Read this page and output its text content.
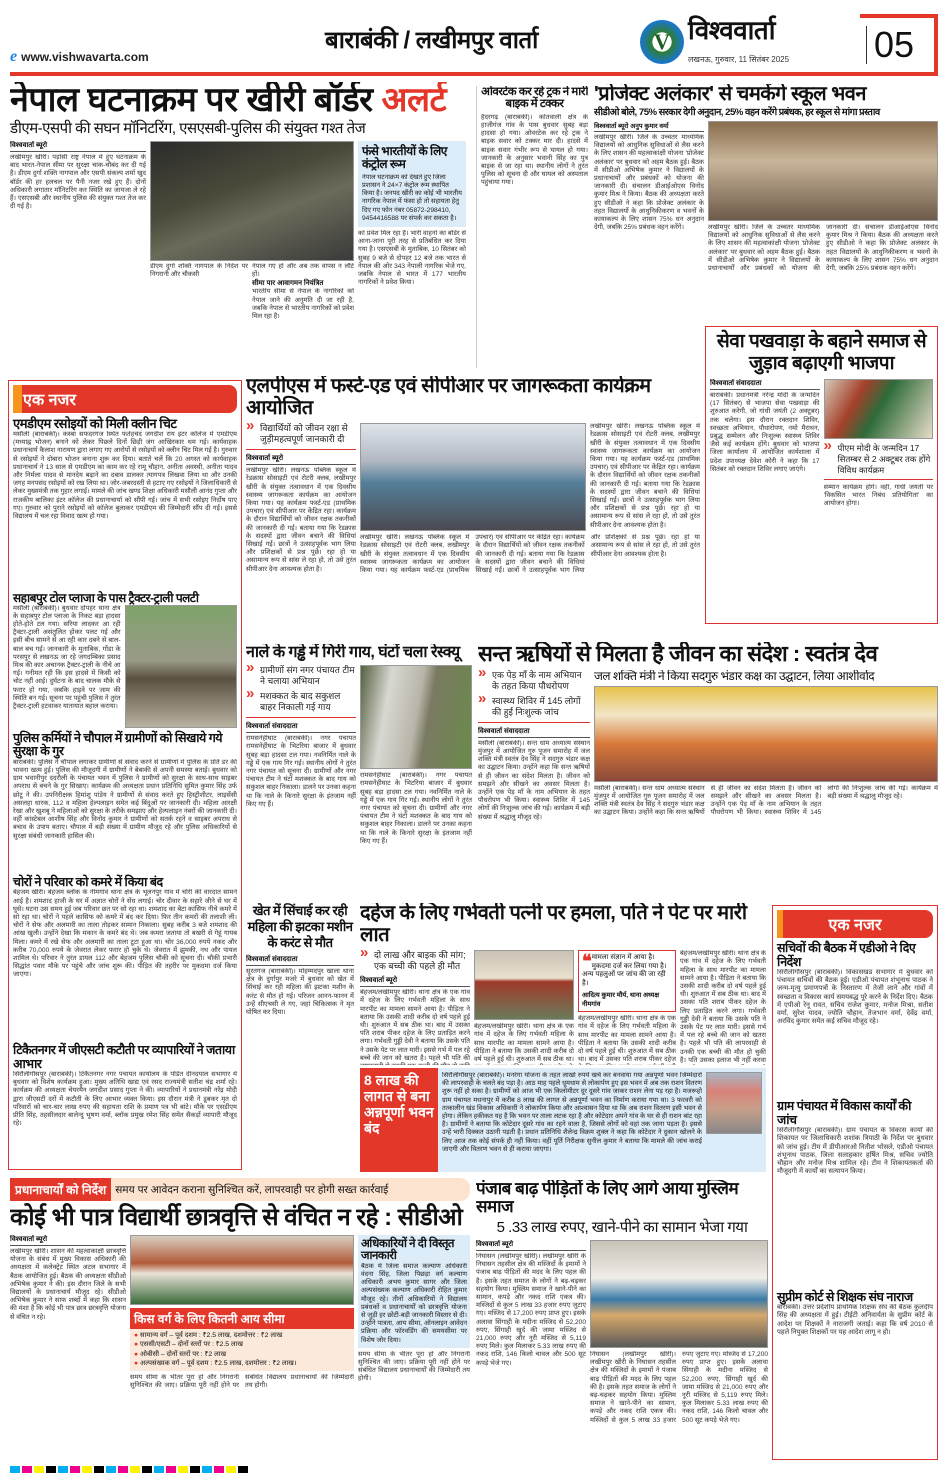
e www.vishwavarta.com
बाराबंकी / लखीमपुर वार्ता	V विश्ववार्ता
लखनऊ, गुरुवार, 11 सितंबर 2025 05
नेपाल घटनाक्रम पर खीरी बॉर्डर अलर्ट
डीएम-एसपी की सघन मॉनिटरिंग, एसएसबी-पुलिस की संयुक्त गश्त तेज
विश्ववार्ता ब्यूरो
लखीमपुर खीरी। पड़ोसी राष्ट्र नेपाल में हुए घटनाक्रम के बाद भारत-नेपाल सीमा पर सुरक्षा चाक-चौबंद कर दी गई है। डीएम दुर्गा शक्ति नागपाल और एसपी संकल्प शर्मा खुद बॉर्डर की हर हलचल पर पैनी नजर रखे हुए हैं। दोनों अधिकारी लगातार मॉनिटरिंग कर स्थिति का जायजा ले रहे हैं। एसएसबी और स्थानीय पुलिस की संयुक्त गश्त तेज कर दी गई है।
डीएम दुर्गा शक्ति नागपाल के निर्देश पर निगरानी और चौकसी
नेपाल गए हो और अब तक वापस न लौटे हों।
सीमा पार आवागमन नियंत्रित
भारतीय सीमा से नेपाल के नागरिकों को नेपाल जाने की अनुमति दी जा रही है, जबकि नेपाल से भारतीय नागरिकों को प्रवेश मिल रहा है।
फंसे भारतीयों के लिए कंट्रोल रूम
नेपाल घटनाक्रम को देखते हुए जिला प्रशासन ने 24×7 कंट्रोल रूम स्थापित किया है। जनपद खीरी का कोई भी भारतीय नागरिक नेपाल में फंसा हो तो सहायता हेतु दिए गए फोन नंबर 05872-298410, 9454416588 पर संपर्क कर सकता है।
को प्रवेश मिल रहा है। भारी वाहनों का बॉर्डर से आना-जाना पूरी तरह से प्रतिबंधित कर दिया गया है। एसएसबी के मुताबिक, 10 सितंबर को सुबह 9 बजे से दोपहर 12 बजे तक भारत से नेपाल की ओर 343 नेपाली नागरिक भेजे गए, जबकि नेपाल से भारत में 177 भारतीय नागरिकों ने प्रवेश किया।
ओवरटेक कर रहे ट्रक ने मारी बाइक में टक्कर
हैदरगढ़ (बाराबंकी)। कोतवाली क्षेत्र के हाजीगंज गांव के पास बुधवार सुबह बड़ा हादसा हो गया। ओवरटेक कर रहे ट्रक ने बाइक सवार को टक्कर मार दी। हादसे में बाइक सवार गंभीर रूप से घायल हो गया। जानकारी के अनुसार भवानी सिंह का पुत्र बाइक से जा रहा था। स्थानीय लोगों ने तुरंत पुलिस को सूचना दी और घायल को अस्पताल पहुंचाया गया।
'प्रोजेक्ट अलंकार' से चमकेंगे स्कूल भवन
सीडीओ बोले, 75% सरकार देगी अनुदान, 25% वहन करेंगे प्रबंधक, हर स्कूल से मांगा प्रस्ताव
विश्ववार्ता ब्यूरो अनुप कुमार वर्मा
लखीमपुर खीरी। जिले के उच्चतर माध्यमिक विद्यालयों को आधुनिक सुविधाओं से लैस करने के लिए शासन की महत्वाकांक्षी योजना 'प्रोजेक्ट अलंकार' पर बुधवार को अहम बैठक हुई। बैठक में सीडीओ अभिषेक कुमार ने विद्यालयों के प्रधानाचार्यों और प्रबंधकों को योजना की जानकारी दी। संचालन डीआईओएस विनोद कुमार मिश्र ने किया। बैठक की अध्यक्षता करते हुए सीडीओ ने कहा कि प्रोजेक्ट अलंकार के तहत विद्यालयों के आधुनिकीकरण व भवनों के कायाकल्प के लिए शासन 75% धन अनुदान देगी, जबकि 25% प्रबंधक वहन करेंगे।	लखीमपुर खीरी। जिले के उच्चतर माध्यमिक विद्यालयों को आधुनिक सुविधाओं से लैस करने के लिए शासन की महत्वाकांक्षी योजना 'प्रोजेक्ट अलंकार' पर बुधवार को अहम बैठक हुई। बैठक में सीडीओ अभिषेक कुमार ने विद्यालयों के प्रधानाचार्यों और प्रबंधकों को योजना की जानकारी दी। संचालन डीआईओएस विनोद कुमार मिश्र ने किया। बैठक की अध्यक्षता करते हुए सीडीओ ने कहा कि प्रोजेक्ट अलंकार के तहत विद्यालयों के आधुनिकीकरण व भवनों के कायाकल्प के लिए शासन 75% धन अनुदान देगी, जबकि 25% प्रबंधक वहन करेंगे।
सेवा पखवाड़ा के बहाने समाज से जुड़ाव बढ़ाएगी भाजपा
विश्ववार्ता संवाददाता
बाराबंकी। प्रधानमंत्री नरेन्द्र मोदी के जन्मदिन (17 सितंबर) से भाजपा सेवा पखवाड़ा की शुरुआत करेगी, जो गांधी जयंती (2 अक्टूबर) तक चलेगा। इस दौरान रक्तदान शिविर, स्वच्छता अभियान, पौधारोपण, नमो मैराथन, प्रबुद्ध सम्मेलन और निःशुल्क स्वास्थ्य शिविर जैसे कई कार्यक्रम होंगे। बुधवार को भाजपा जिला कार्यालय में आयोजित कार्यशाला में प्रदेश उपाध्यक्ष देवेश कोरी ने कहा कि 17 सितंबर को रक्तदान शिविर लगाए जाएंगे।
» पीएम मोदी के जन्मदिन 17 सितम्बर से 2 अक्टूबर तक होंगे विविध कार्यक्रम
सम्मान कार्यक्रम होंगे। वहीं, गांधी जयंती पर 'विकसित भारत निबंध प्रतियोगिता' का आयोजन होगा।
एक नजर
एमडीएम रसोइयों को मिली क्लीन चिट
मसौली (बाराबंकी)। कस्बा सफदरगंज स्थित फतेहचंद जगदीश राय इंटर कॉलेज में एमडीएम (मध्याह्न भोजन) बनाने को लेकर पिछले दिनों छिड़ी जंग आखिरकार थम गई। कार्यवाहक प्रधानाचार्य कैलाश नारायण द्वारा लगाए गए आरोपों से रसोइयों को क्लीन चिट मिल गई है। गुरुवार से रसोइयों ने दोबारा भोजन बनाना शुरू कर दिया। बताते चलें कि 20 अगस्त को कार्यवाहक प्रधानाचार्य ने 13 साल से एमडीएम का काम कर रहे रामू चौहान, अनीता अवस्थी, अनीता यादव और निर्मला यादव से मानदेय बढ़ाने का दबाव डालकर त्यागपत्र लिखवा लिया था और उनकी जगह मनपसंद रसोइयों को रख लिया था। जोर-जबरदस्ती से हटाए गए रसोइयों ने जिलाधिकारी से लेकर मुख्यमंत्री तक गुहार लगाई। मामले की जांच खण्ड शिक्षा अधिकारी मसौली आनंद गुप्ता और राजकीय बालिका इंटर कॉलेज की प्रधानाचार्या को सौंपी गई। जांच में सभी रसोइए निर्दोष पाए गए। गुरुवार को पुराने रसोइयों को कॉलेज बुलाकर एमडीएम की जिम्मेदारी सौंप दी गई। इससे विद्यालय में चल रहा विवाद खत्म हो गया।
सहाबपुर टोल प्लाजा के पास ट्रैक्टर-ट्राली पलटी
मसौली (बाराबंकी)। बुधवार दोपहर थाना क्षेत्र के सहाबपुर टोल प्लाजा के निकट बड़ा हादसा होते-होते टल गया। सरिया लादकर आ रही ट्रैक्टर-ट्राली असंतुलित होकर पलट गई और इसी बीच सामने से आ रही कार दबने से बाल-बाल बच गई। जानकारी के मुताबिक, गोंडा के परसपुर से लखनऊ जा रहे जगदम्बिका प्रसाद मिश्र की कार अचानक ट्रैक्टर-ट्राली के नीचे आ गई। गनीमत रही कि इस हादसे में किसी को चोट नहीं आई। दुर्घटना के बाद चालक मौके से फरार हो गया, जबकि हाइवे पर जाम की स्थिति बन गई। सूचना पर पहुंची पुलिस ने तुरंत ट्रैक्टर-ट्राली हटवाकर यातायात बहाल कराया।
पुलिस कर्मियों ने चौपाल में ग्रामीणों को सिखाये गये सुरक्षा के गुर
बाराबंकी। पुलिस ने चौपाल लगाकर ग्रामीणों से संवाद करने से ग्रामीणों में पुलिस के प्रति डर की भावना खत्म हुई। पुलिस की मौजूदगी में ग्रामीणों ने बेबाकी से अपनी समस्या बताई। बुधवार को ग्राम भवानीपुर ददरौली के पंचायत भवन में पुलिस ने ग्रामीणों को सुरक्षा के साथ-साथ साइबर अपराध से बचने के गुर सिखाए। कार्यक्रम की अध्यक्षता प्रधान प्रतिनिधि सुमित कुमार सिंह उर्फ छोटू ने की। उपनिरीक्षक हिमांशु पांडेय ने ग्रामीणों से संवाद करते हुए हिस्ट्रीशीटर, लाइसेंसी असलहा धारक, 112 व महिला हेल्पलाइन समेत कई बिंदुओं पर जानकारी दी। महिला आरक्षी रेखा और खुशबू ने महिलाओं को सुरक्षा के तरीके समझाए और हेल्पलाइन नंबरों की जानकारी दी। वहीं कांस्टेबल आशीष सिंह और विनोद कुमार ने ग्रामीणों को सतर्क रहने व साइबर अपराध से बचाव के उपाय बताए। चौपाल में बड़ी संख्या में ग्रामीण मौजूद रहे और पुलिस अधिकारियों से सुरक्षा संबंधी जानकारी हासिल की।
चोरों ने परिवार को कमरे में किया बंद
बेहजम खीरी। बेहजम ब्लॉक के नीमगांव थाना क्षेत्र के भूलनपुर गांव में चोरी की वारदात सामने आई है। शमशाद हाजी के घर में अज्ञात चोरों ने सेंध लगाई। चोर दीवार के सहारे जीने से घर में घुसे। घटना उस समय हुई जब परिवार छत पर सो रहा था। शमशाद का बेटा कासिफ नीचे कमरे में सो रहा था। चोरों ने पहले कासिफ को कमरे में बंद कर दिया। फिर तीन कमरों की तलाशी ली। चोरों ने सेफ और अलमारी का ताला तोड़कर सामान निकाला। सुबह करीब 3 बजे शमशाद की आंख खुली। उन्होंने देखा कि मकान के कमरे बंद थे। जब कमरा जताया तो बखरी से गेहूं गायब मिला। कमरे में रखे सेफ और अलमारी का ताला टूटा हुआ था। चोर 36,000 रुपये नकद और करीब 70,000 रुपये के जेवरात लेकर फरार हो चुके थे। जेवरात में झुमकी, नथ और पायल शामिल थे। परिवार ने तुरंत डायल 112 और बेहजम पुलिस चौकी को सूचना दी। चौकी प्रभारी सिद्धांत पवार मौके पर पहुंचे और जांच शुरू की। पीड़ित की तहरीर पर मुकदमा दर्ज किया जाएगा।
टिकैतनगर में जीएसटी कटौती पर व्यापारियों ने जताया आभार
सिरौलीगौसपुर (बाराबंकी)। टिकैतनगर नगर पंचायत कार्यालय के पंडित दीनदयाल सभागार में बुधवार को विशेष कार्यक्रम हुआ। मुख्य अतिथि खाद्य एवं रसद राज्यमंत्री सतीश चंद्र शर्मा रहे। कार्यक्रम की अध्यक्षता चेयरमैन जगदीश प्रसाद गुप्ता ने की। व्यापारियों ने प्रधानमंत्री नरेंद्र मोदी द्वारा जीएसटी दरों में कटौती के लिए आभार व्यक्त किया। इस दौरान मंत्री ने डूबकर मृत दो परिवारों को चार-चार लाख रुपए की सहायता राशि के प्रमाण पत्र भी बांटे। मौके पर एसडीएम प्रीति सिंह, तहसीलदार बालेन्दु भूषण वर्मा, ब्लॉक प्रमुख रमेश सिंह समेत सैकड़ों व्यापारी मौजूद रहे।
एलपीएस में फर्स्ट-एड एवं सीपीआर पर जागरूकता कार्यक्रम आयोजित
» विद्यार्थियों को जीवन रक्षा से जुड़ीमहत्वपूर्ण जानकारी दी
विश्ववार्ता ब्यूरो
लखीमपुर खीरी। लखनऊ पब्लिक स्कूल में रेडक्रास सोसाइटी एवं रोटरी क्लब, लखीमपुर खीरी के संयुक्त तत्वावधान में एक दिवसीय स्वास्थ्य जागरूकता कार्यक्रम का आयोजन किया गया। यह कार्यक्रम फर्स्ट-एड (प्राथमिक उपचार) एवं सीपीआर पर केंद्रित रहा। कार्यक्रम के दौरान विद्यार्थियों को जीवन रक्षक तकनीकों की जानकारी दी गई। बताया गया कि रेडक्रास के सदस्यों द्वारा जीवन बचाने की विधियां सिखाई गईं। छात्रों ने उत्साहपूर्वक भाग लिया और प्रशिक्षकों से प्रश्न पूछे। रहा हो या असामान्य रूप से सांस ले रहा हो, तो उसे तुरंत सीपीआर देना आवश्यक होता है।
लखीमपुर खीरी। लखनऊ पब्लिक स्कूल में रेडक्रास सोसाइटी एवं रोटरी क्लब, लखीमपुर खीरी के संयुक्त तत्वावधान में एक दिवसीय स्वास्थ्य जागरूकता कार्यक्रम का आयोजन किया गया। यह कार्यक्रम फर्स्ट-एड (प्राथमिक उपचार) एवं सीपीआर पर केंद्रित रहा। कार्यक्रम के दौरान विद्यार्थियों को जीवन रक्षक तकनीकों की जानकारी दी गई। बताया गया कि रेडक्रास के सदस्यों द्वारा जीवन बचाने की विधियां सिखाई गईं। छात्रों ने उत्साहपूर्वक भाग लिया और प्रशिक्षकों से प्रश्न पूछे। रहा हो या असामान्य रूप से सांस ले रहा हो, तो उसे तुरंत सीपीआर देना आवश्यक होता है।
लखीमपुर खीरी। लखनऊ पब्लिक स्कूल में रेडक्रास सोसाइटी एवं रोटरी क्लब, लखीमपुर खीरी के संयुक्त तत्वावधान में एक दिवसीय स्वास्थ्य जागरूकता कार्यक्रम का आयोजन किया गया। यह कार्यक्रम फर्स्ट-एड (प्राथमिक उपचार) एवं सीपीआर पर केंद्रित रहा। कार्यक्रम के दौरान विद्यार्थियों को जीवन रक्षक तकनीकों की जानकारी दी गई। बताया गया कि रेडक्रास के सदस्यों द्वारा जीवन बचाने की विधियां सिखाई गईं। छात्रों ने उत्साहपूर्वक भाग लिया और प्रशिक्षकों से प्रश्न पूछे। रहा हो या असामान्य रूप से सांस ले रहा हो, तो उसे तुरंत सीपीआर देना आवश्यक होता है।
नाले के गड्ढे में गिरी गाय, घंटों चला रेस्क्यू
» ग्रामीणों संग नगर पंचायत टीम ने चलाया अभियान
» मशक्कत के बाद सकुशल बाहर निकाली गई गाय
विश्ववार्ता संवाददाता
रामसनेहीघाट (बाराबंकी)। नगर पंचायत रामसनेहीघाट के भिटरिया बाजार में बुधवार सुबह बड़ा हादसा टल गया। नवनिर्मित नाले के गड्ढे में एक गाय गिर गई। स्थानीय लोगों ने तुरंत नगर पंचायत को सूचना दी। ग्रामीणों और नगर पंचायत टीम ने घंटों मशक्कत के बाद गाय को सकुशल बाहर निकाला। डालने पर उनका कहना था कि नाले के किनारे सुरक्षा के इंतजाम नहीं किए गए हैं।
रामसनेहीघाट (बाराबंकी)। नगर पंचायत रामसनेहीघाट के भिटरिया बाजार में बुधवार सुबह बड़ा हादसा टल गया। नवनिर्मित नाले के गड्ढे में एक गाय गिर गई। स्थानीय लोगों ने तुरंत नगर पंचायत को सूचना दी। ग्रामीणों और नगर पंचायत टीम ने घंटों मशक्कत के बाद गाय को सकुशल बाहर निकाला। डालने पर उनका कहना था कि नाले के किनारे सुरक्षा के इंतजाम नहीं किए गए हैं।
सन्त ऋषियों से मिलता है जीवन का संदेश : स्वतंत्र देव
» एक पेड़ माँ के नाम अभियान के तहत किया पौधरोपण
» स्वास्थ्य शिविर में 145 लोगों की हुई निःशुल्क जांच
विश्ववार्ता संवाददाता
मसौली (बाराबंकी)। सन्त धाम अध्यात्म संस्थान मुंजपुर में आयोजित गुरु पूजन समारोह में जल शक्ति मंत्री स्वतंत्र देव सिंह ने सदगुरु भंडार कक्ष का उद्घाटन किया। उन्होंने कहा कि सन्त ऋषियों से ही जीवन का संदेश मिलता है। जीवन को समझने और सीखने का अवसर मिलता है। उन्होंने एक पेड़ माँ के नाम अभियान के तहत पौधरोपण भी किया। स्वास्थ्य शिविर में 145 लोगों की निःशुल्क जांच की गई। कार्यक्रम में बड़ी संख्या में श्रद्धालु मौजूद रहे।
जल शक्ति मंत्री ने किया सदगुरु भंडार कक्ष का उद्घाटन, लिया आशीर्वाद
मसौली (बाराबंकी)। सन्त धाम अध्यात्म संस्थान मुंजपुर में आयोजित गुरु पूजन समारोह में जल शक्ति मंत्री स्वतंत्र देव सिंह ने सदगुरु भंडार कक्ष का उद्घाटन किया। उन्होंने कहा कि सन्त ऋषियों से ही जीवन का संदेश मिलता है। जीवन को समझने और सीखने का अवसर मिलता है। उन्होंने एक पेड़ माँ के नाम अभियान के तहत पौधरोपण भी किया। स्वास्थ्य शिविर में 145 लोगों की निःशुल्क जांच की गई। कार्यक्रम में बड़ी संख्या में श्रद्धालु मौजूद रहे।
खेत में सिंचाई कर रही महिला की झटका मशीन के करंट से मौत
विश्ववार्ता संवाददाता
सूरतगंज (बाराबंकी)। मोहम्मदपुर खाला थाना क्षेत्र के दुर्गापुर मजरे में बुधवार को खेत में सिंचाई कर रही महिला की झटका मशीन के करंट से मौत हो गई। परिजन आनन-फानन में उन्हें सीएचसी ले गए, जहां चिकित्सक ने मृत घोषित कर दिया।
दहेज के लिए गर्भवती पत्नी पर हमला, पति ने पेट पर मारी लात
» दो लाख और बाइक की मांग; एक बच्ची की पहले ही मौत
विश्ववार्ता ब्यूरो
बेहजम/लखीमपुर खीरी। थाना क्षेत्र के एक गांव में दहेज के लिए गर्भवती महिला के साथ मारपीट का मामला सामने आया है। पीड़िता ने बताया कि उसकी शादी करीब दो वर्ष पहले हुई थी। शुरुआत में सब ठीक था। बाद में उसका पति शराब पीकर दहेज के लिए प्रताड़ित करने लगा। गर्भवती गुड्डी देवी ने बताया कि उसके पति ने उसके पेट पर लात मारी। इससे गर्भ में पल रहे बच्चे की जान को खतरा है। पहले भी पति की
बेहजम/लखीमपुर खीरी। थाना क्षेत्र के एक गांव में दहेज के लिए गर्भवती महिला के साथ मारपीट का मामला सामने आया है। पीड़िता ने बताया कि उसकी शादी करीब दो वर्ष पहले हुई थी। शुरुआत में सब ठीक था।
❝ मामला संज्ञान में आया है। मुकदमा दर्ज कर लिया गया है। अन्य पहलुओं पर जांच की जा रही है।
आदित्य कुमार मौर्य, थाना अध्यक्ष नीमगांव
बेहजम/लखीमपुर खीरी। थाना क्षेत्र के एक गांव में दहेज के लिए गर्भवती महिला के साथ मारपीट का मामला सामने आया है। पीड़िता ने बताया कि उसकी शादी करीब दो वर्ष पहले हुई थी। शुरुआत में सब ठीक था। बाद में उसका पति शराब पीकर दहेज
बेहजम/लखीमपुर खीरी। थाना क्षेत्र के एक गांव में दहेज के लिए गर्भवती महिला के साथ मारपीट का मामला सामने आया है। पीड़िता ने बताया कि उसकी शादी करीब दो वर्ष पहले हुई थी। शुरुआत में सब ठीक था। बाद में उसका पति शराब पीकर दहेज के लिए प्रताड़ित करने लगा। गर्भवती गुड्डी देवी ने बताया कि उसके पति ने उसके पेट पर लात मारी। इससे गर्भ में पल रहे बच्चे की जान को खतरा है। पहले भी पति की लापरवाही से उनकी एक बच्ची की मौत हो चुकी है। पति उसका इलाज भी नहीं करवा
8 लाख की लागत से बना अन्नपूर्णा भवन बंद
सिरौलीगौसपुर (बाराबंकी)। मनरेगा योजना के तहत लाखों रुपये खर्च कर बनवाया गया अन्नपूर्णा भवन जिम्मेदारों की लापरवाही के चलते बंद पड़ा है। आठ माह पहले धूमधाम से लोकार्पण हुए इस भवन में अब तक राशन वितरण शुरू नहीं हो सका है। ग्रामीणों को आज भी एक किलोमीटर दूर दूसरे गांव जाकर राशन लेना पड़ रहा है। मजरूहो ग्राम पंचायत मधनापुर में करीब 8 लाख की लागत से अन्नपूर्णा भवन का निर्माण कराया गया था। 3 फरवरी को तत्कालीन खंड विकास अधिकारी ने लोकार्पण किया और आश्वासन दिया था कि अब राशन वितरण इसी भवन से होगा। लेकिन हकीकत यह है कि भवन पर ताला लटक रहा है और कोटेदार अपने गांव के घर से ही राशन बांट रहा है। ग्रामीणों ने बताया कि कोटेदार दूसरे गांव का रहने वाला है, जिससे लोगों को वहां तक जाना पड़ता है। इससे उन्हें भारी दिक्कत उठानी पड़ती है। प्रधान प्रतिनिधि शैलेन्द्र विक्रम शुक्ल ने कहा कि कोटेदार ने दुकान खोलने के लिए आज तक कोई संपर्क ही नहीं किया। वहीं पूर्ति निरीक्षक सुनील कुमार ने बताया कि मामले की जांच कराई जाएगी और वितरण भवन से ही कराया जाएगा।
एक नजर
सचिवों की बैठक में एडीओ ने दिए निर्देश
सिरौलीगौसपुर (बाराबंकी)। विकासखंड सभागार में बुधवार को पंचायत सचिवों की बैठक हुई। एडीओ पंचायत शंभूनाथ पाठक ने जन्म-मृत्यु प्रमाणपत्रों के निस्तारण में तेजी लाने और गांवों में स्वच्छता व विकास कार्य समयबद्ध पूरे करने के निर्देश दिए। बैठक में एपीओ रेनू रावत, सचिव राजेश कुमार, मनोज मिश्रा, सतीश वर्मा, सुरेश यादव, ज्योति चौहान, तेजभान वर्मा, देवेंद्र वर्मा, अरविंद कुमार समेत कई सचिव मौजूद रहे।
ग्राम पंचायत में विकास कार्यों की जांच
सिरौलीगौसपुर (बाराबंकी)। ग्राम पंचायत के विकास कार्यों की शिकायत पर जिलाधिकारी शशांक त्रिपाठी के निर्देश पर बुधवार को जांच हुई। टीम में डीपीआरओ नितीश भोसले, एडीओ पंचायत शंभूनाथ पाठक, जिला सलाहकार हर्षित मिश्र, सचिव ज्योति चौहान और मनोज मिश्र शामिल रहे। टीम ने शिकायतकर्ता की मौजूदगी में कार्यों का सत्यापन किया।
सुप्रीम कोर्ट से शिक्षक संघ नाराज
बाराबंकी। उत्तर प्रदेशीय प्राथमिक शिक्षक संघ की बैठक कुलदीप सिंह की अध्यक्षता में हुई। टीईटी अनिवार्यता के सुप्रीम कोर्ट के आदेश पर शिक्षकों ने नाराजगी जताई। कहा कि वर्ष 2010 से पहले नियुक्त शिक्षकों पर यह आदेश लागू न हो।
प्रधानाचार्यों को निर्देश समय पर आवेदन कराना सुनिश्चित करें, लापरवाही पर होगी सख्त कार्रवाई
कोई भी पात्र विद्यार्थी छात्रवृत्ति से वंचित न रहे : सीडीओ
विश्ववार्ता ब्यूरो
लखीमपुर खीरी। शासन की महत्वाकांक्षी छात्रवृत्ति योजना के संबंध में मुख्य विकास अधिकारी की अध्यक्षता में कलेक्ट्रेट स्थित अटल सभागार में बैठक आयोजित हुई। बैठक की अध्यक्षता सीडीओ अभिषेक कुमार ने की। इस दौरान जिले के सभी विद्यालयों के प्रधानाचार्य मौजूद रहे। सीडीओ अभिषेक कुमार ने साफ शब्दों में कहा कि शासन की मंशा है कि कोई भी पात्र छात्र छात्रवृत्ति योजना से वंचित न रहे।	किस वर्ग के लिए कितनी आय सीमा
● सामान्य वर्ग – पूर्व दशम : ₹2.5 लाख, दशमोत्तर : ₹2 लाख
● एससी/एसटी – दोनों स्तरों पर : ₹2.5 लाख
● ओबीसी – दोनों स्तरों पर : ₹2 लाख
● अल्पसंख्यक वर्ग – पूर्व दशम : ₹2.5 लाख, दशमोत्तर : ₹2 लाख।
समय सीमा के भीतर पूरा हो और निगरानी सुनिश्चित की जाए। प्रक्रिया पूरी नहीं होने पर संबंधित विद्यालय प्रधानाचार्यों की जिम्मेदारी तय होगी।
अधिकारियों ने दी विस्तृत जानकारी
बैठक में जिला समाज कल्याण अधिकारी वंदना सिंह, जिला पिछड़ा वर्ग कल्याण अधिकारी अभय कुमार सागर और जिला अल्पसंख्यक कल्याण अधिकारी रोहित कुमार मौजूद रहे। तीनों अधिकारियों ने विद्यालय प्रबंधकों व प्रधानाचार्यों को छात्रवृत्ति योजना से जुड़ी हर छोटी-बड़ी जानकारी विस्तार से दी। उन्होंने पात्रता, आय सीमा, ऑनलाइन आवेदन प्रक्रिया और फॉरवर्डिंग की समयसीमा पर विशेष जोर दिया।
समय सीमा के भीतर पूरा हो और निगरानी सुनिश्चित की जाए। प्रक्रिया पूरी नहीं होने पर संबंधित विद्यालय प्रधानाचार्यों की जिम्मेदारी तय होगी।
पंजाब बाढ़ पीड़ितों के लिए आगे आया मुस्लिम समाज
5 .33 लाख रुपए, खाने-पीने का सामान भेजा गया
विश्ववार्ता ब्यूरो
निघासन (लखीमपुर खीरी)। लखीमपुर खीरी के निघासन तहसील क्षेत्र की मस्जिदों के इमामों ने पंजाब बाढ़ पीड़ितों की मदद के लिए पहल की है। इसके तहत समाज के लोगों ने बढ़-चढ़कर सहयोग किया। मुस्लिम समाज ने खाने-पीने का सामान, कपड़े और नकद राशि एकत्र की। मस्जिदों से कुल 5 लाख 33 हजार रुपए जुटाए गए। मस्जिद से 17,200 रुपए प्राप्त हुए। इसके अलावा सिंगाही के मदीना मस्जिद से 52,200 रुपए, सिंगाही खुर्द की जामा मस्जिद से 21,000 रुपए और नूरी मस्जिद से 5,119 रुपए मिले। कुल मिलाकर 5.33 लाख रुपए की नकद राशि, 146 किलो चावल और 500 सूट कपड़े भेजे गए।
निघासन (लखीमपुर खीरी)। लखीमपुर खीरी के निघासन तहसील क्षेत्र की मस्जिदों के इमामों ने पंजाब बाढ़ पीड़ितों की मदद के लिए पहल की है। इसके तहत समाज के लोगों ने बढ़-चढ़कर सहयोग किया। मुस्लिम समाज ने खाने-पीने का सामान, कपड़े और नकद राशि एकत्र की। मस्जिदों से कुल 5 लाख 33 हजार रुपए जुटाए गए। मस्जिद से 17,200 रुपए प्राप्त हुए। इसके अलावा सिंगाही के मदीना मस्जिद से 52,200 रुपए, सिंगाही खुर्द की जामा मस्जिद से 21,000 रुपए और नूरी मस्जिद से 5,119 रुपए मिले। कुल मिलाकर 5.33 लाख रुपए की नकद राशि, 146 किलो चावल और 500 सूट कपड़े भेजे गए।
